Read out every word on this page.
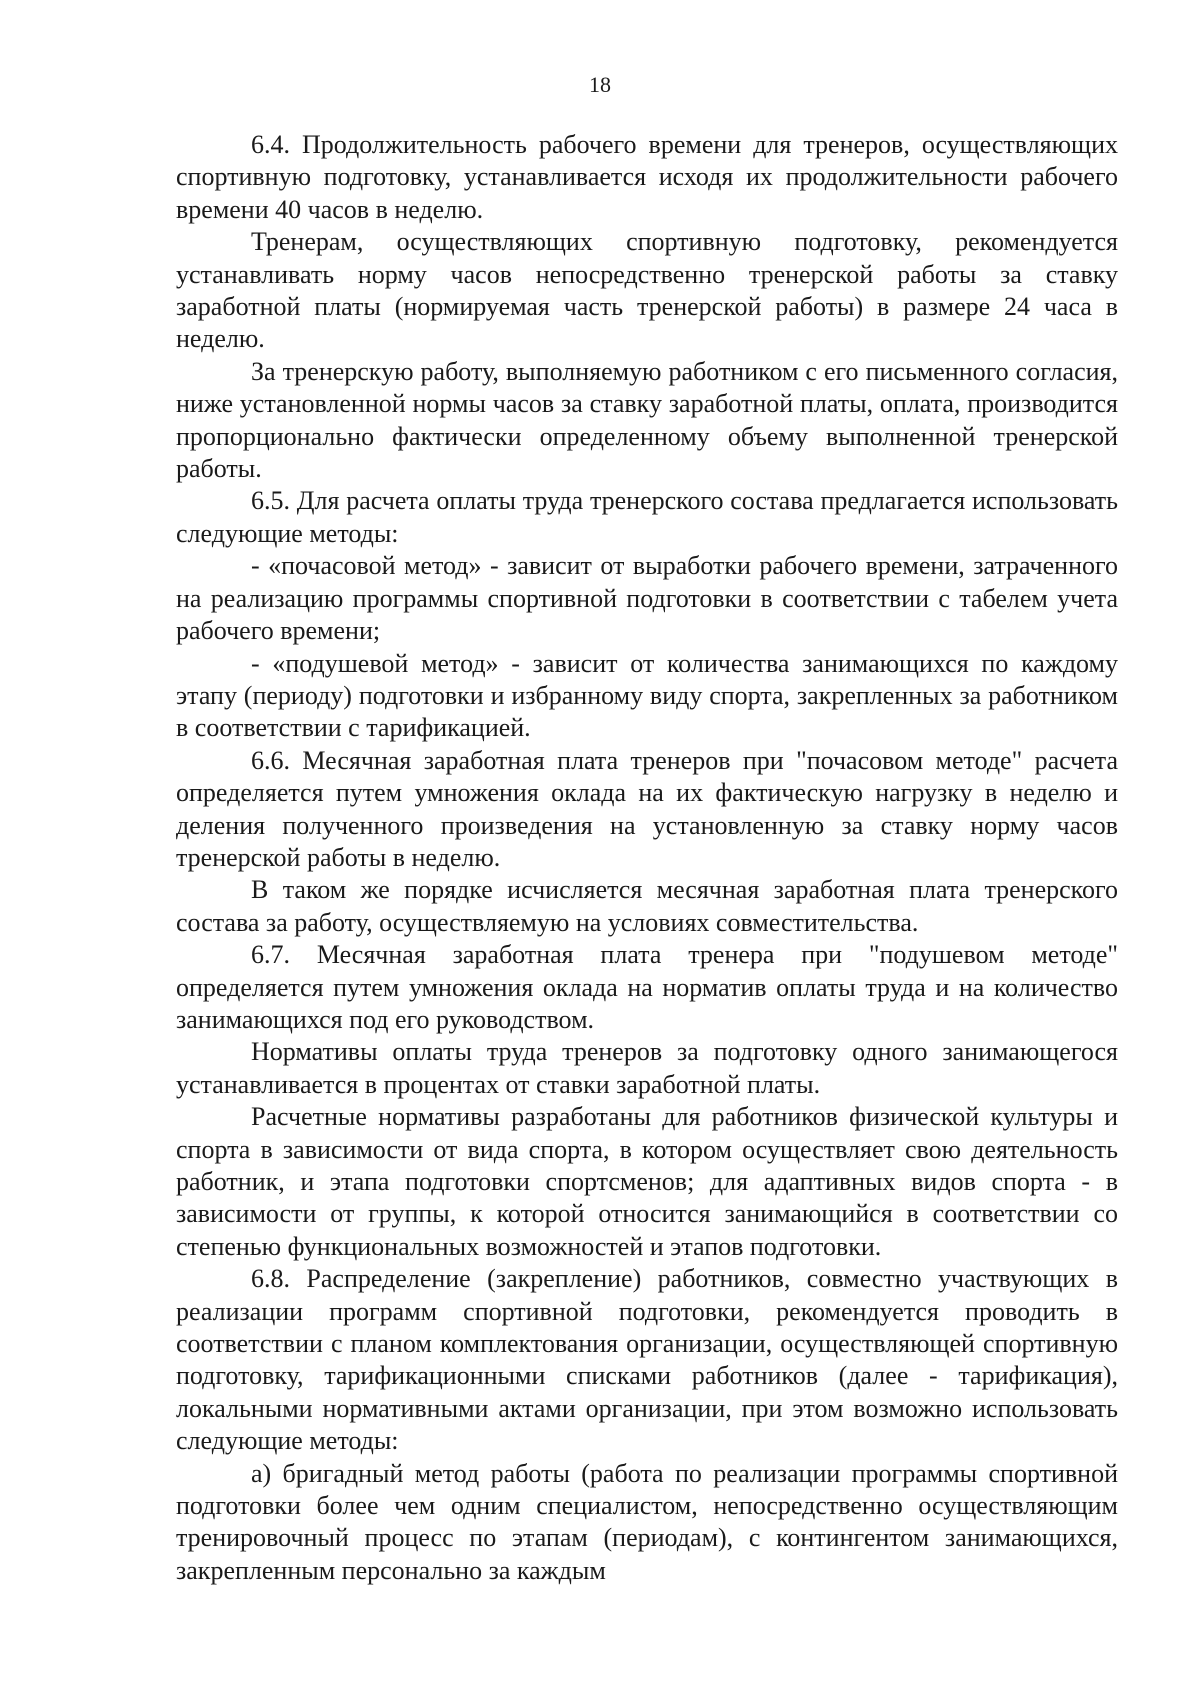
18

6.4. Продолжительность рабочего времени для тренеров, осуществляющих спортивную подготовку, устанавливается исходя их продолжительности рабочего времени 40 часов в неделю.

Тренерам, осуществляющих спортивную подготовку, рекомендуется устанавливать норму часов непосредственно тренерской работы за ставку заработной платы (нормируемая часть тренерской работы) в размере 24 часа в неделю.

За тренерскую работу, выполняемую работником с его письменного согласия, ниже установленной нормы часов за ставку заработной платы, оплата, производится пропорционально фактически определенному объему выполненной тренерской работы.

6.5. Для расчета оплаты труда тренерского состава предлагается использовать следующие методы:

- «почасовой метод» - зависит от выработки рабочего времени, затраченного на реализацию программы спортивной подготовки в соответствии с табелем учета рабочего времени;

- «подушевой метод» - зависит от количества занимающихся по каждому этапу (периоду) подготовки и избранному виду спорта, закрепленных за работником в соответствии с тарификацией.

6.6. Месячная заработная плата тренеров при "почасовом методе" расчета определяется путем умножения оклада на их фактическую нагрузку в неделю и деления полученного произведения на установленную за ставку норму часов тренерской работы в неделю.

В таком же порядке исчисляется месячная заработная плата тренерского состава за работу, осуществляемую на условиях совместительства.

6.7. Месячная заработная плата тренера при "подушевом методе" определяется путем умножения оклада на норматив оплаты труда и на количество занимающихся под его руководством.

Нормативы оплаты труда тренеров за подготовку одного занимающегося устанавливается в процентах от ставки заработной платы.

Расчетные нормативы разработаны для работников физической культуры и спорта в зависимости от вида спорта, в котором осуществляет свою деятельность работник, и этапа подготовки спортсменов; для адаптивных видов спорта - в зависимости от группы, к которой относится занимающийся в соответствии со степенью функциональных возможностей и этапов подготовки.

6.8. Распределение (закрепление) работников, совместно участвующих в реализации программ спортивной подготовки, рекомендуется проводить в соответствии с планом комплектования организации, осуществляющей спортивную подготовку, тарификационными списками работников (далее - тарификация), локальными нормативными актами организации, при этом возможно использовать следующие методы:

а) бригадный метод работы (работа по реализации программы спортивной подготовки более чем одним специалистом, непосредственно осуществляющим тренировочный процесс по этапам (периодам), с контингентом занимающихся, закрепленным персонально за каждым
